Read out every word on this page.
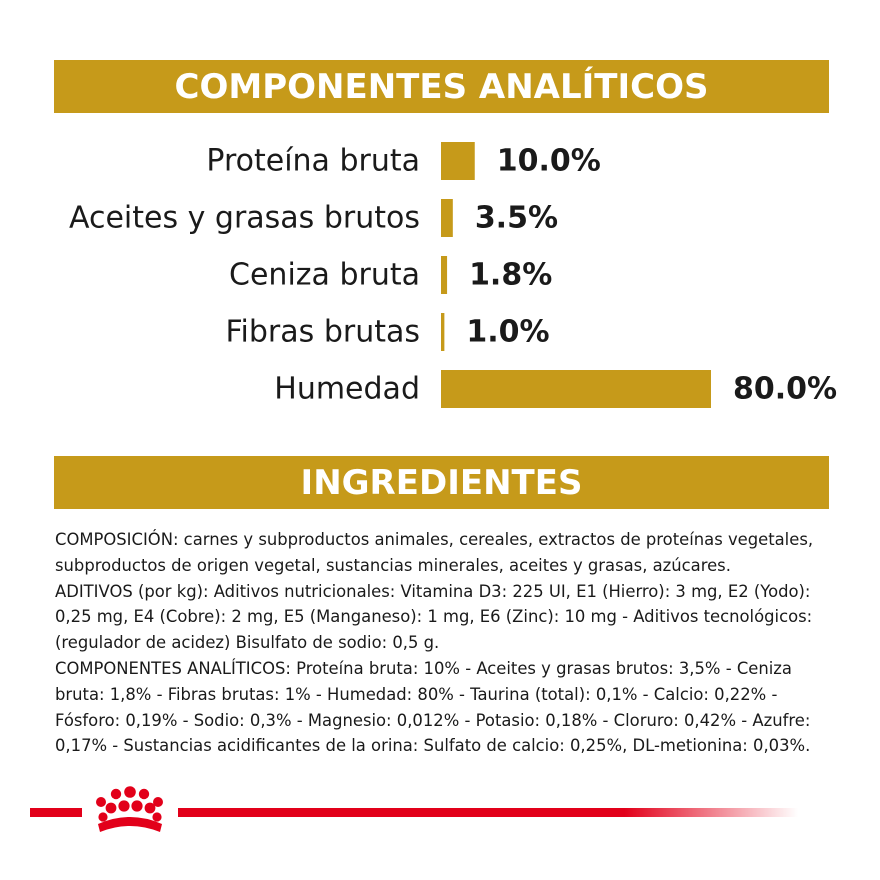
COMPONENTES ANALÍTICOS
Proteína bruta	10.0%
Aceites y grasas brutos 3.5%
Ceniza bruta 1.8%
Fibras brutas 1.0%
Humedad	80.0%
INGREDIENTES

COMPOSICIÓN: carnes y subproductos animales, cereales, extractos de proteínas vegetales, subproductos de origen vegetal, sustancias minerales, aceites y grasas, azúcares.

ADITIVOS (por kg): Aditivos nutricionales: Vitamina D3: 225 UI, E1 (Hierro): 3 mg, E2 (Yodo): 0,25 mg, E4 (Cobre): 2 mg, E5 (Manganeso): 1 mg, E6 (Zinc): 10 mg - Aditivos tecnológicos: (regulador de acidez) Bisulfato de sodio: 0,5 g.

COMPONENTES ANALÍTICOS: Proteína bruta: 10% - Aceites y grasas brutos: 3,5% - Ceniza bruta: 1,8% - Fibras brutas: 1% - Humedad: 80% - Taurina (total): 0,1% - Calcio: 0,22% - Fósforo: 0,19% - Sodio: 0,3% - Magnesio: 0,012% - Potasio: 0,18% - Cloruro: 0,42% - Azufre: 0,17% - Sustancias acidificantes de la orina: Sulfato de calcio: 0,25%, DL-metionina: 0,03%.
